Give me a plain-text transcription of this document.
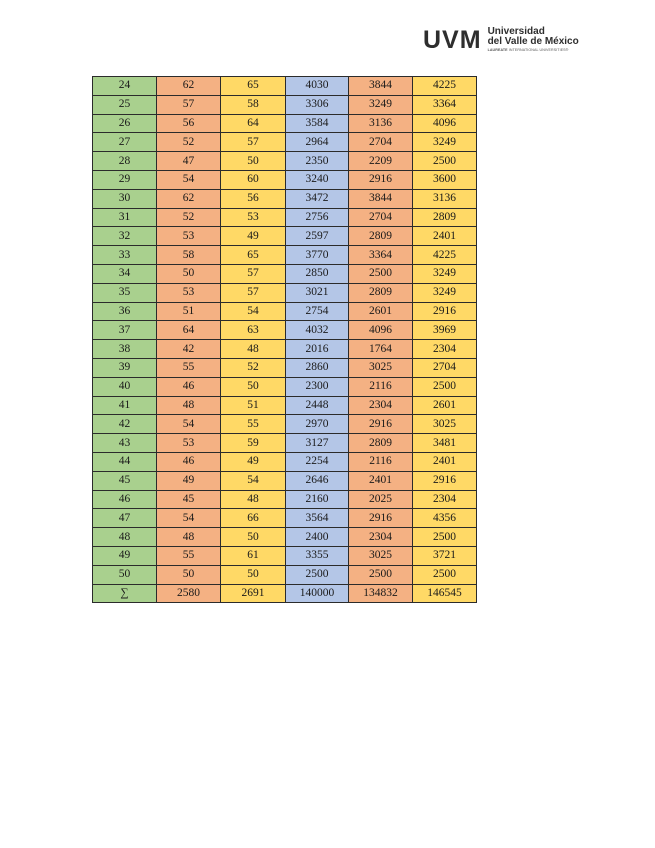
UVM Universidad
del Valle de México
LAUREATE INTERNATIONAL UNIVERSITIES®
24	62	65	4030	3844	4225
25	57	58	3306	3249	3364
26	56	64	3584	3136	4096
27	52	57	2964	2704	3249
28	47	50	2350	2209	2500
29	54	60	3240	2916	3600
30	62	56	3472	3844	3136
31	52	53	2756	2704	2809
32	53	49	2597	2809	2401
33	58	65	3770	3364	4225
34	50	57	2850	2500	3249
35	53	57	3021	2809	3249
36	51	54	2754	2601	2916
37	64	63	4032	4096	3969
38	42	48	2016	1764	2304
39	55	52	2860	3025	2704
40	46	50	2300	2116	2500
41	48	51	2448	2304	2601
42	54	55	2970	2916	3025
43	53	59	3127	2809	3481
44	46	49	2254	2116	2401
45	49	54	2646	2401	2916
46	45	48	2160	2025	2304
47	54	66	3564	2916	4356
48	48	50	2400	2304	2500
49	55	61	3355	3025	3721
50	50	50	2500	2500	2500
∑	2580	2691	140000	134832	146545
